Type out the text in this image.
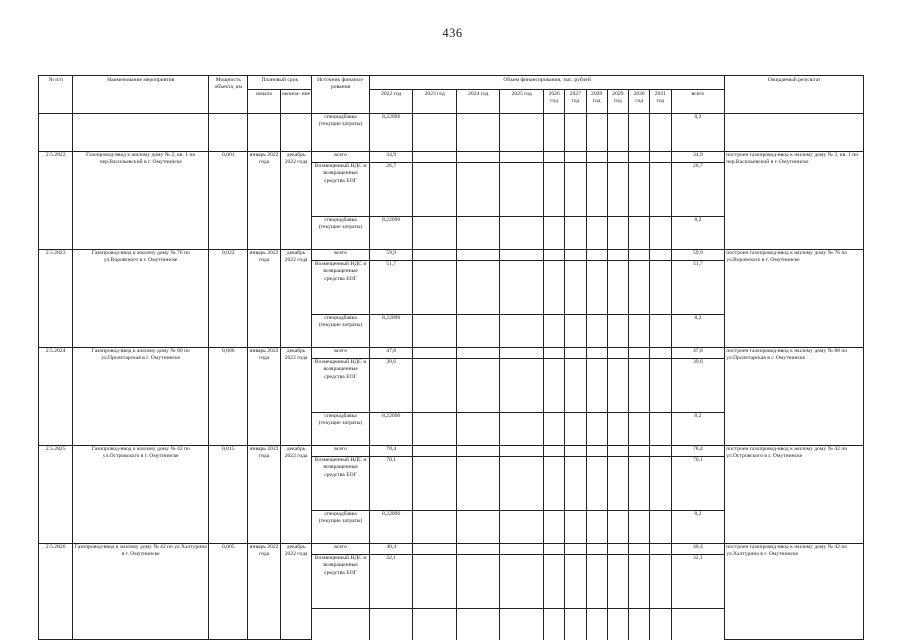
436
№ п/п	Наименование мероприятия	Мощность объекта, км	Плановый срок		Источник финанси- рования	Объем финансирования, тыс. рублей											Ожидаемый результат
			начало	оконча- ние		2022 год	2023 год	2024 год	2025 год	2026 год	2027 год	2028 год	2029 год	2030 год	2031 год	всего	
					спецнадбавка (текущие затраты)	8,22096										8,2	
2.5.2822	Газопровод-ввод к жилому дому № 2, кв. 1 по пер.Васильевский в г. Омутнинске	0,001	январь 2022 года	декабрь 2022 года	всего	34,9										34,9	построен газопровод-ввод к жилому дому № 2, кв. 1 по пер.Васильевский в г. Омутнинске
					Возмещенный НДС и возвращенные средства ЕОГ	26,7										26,7	
					спецнадбавка (текущие затраты)	8,22096										8,2	
2.5.2823	Газопровод-ввод к жилому дому № 76 по ул.Воровского в г. Омутнинске	0,022	январь 2022 года	декабрь 2022 года	всего	59,9										59,9	построен газопровод-ввод к жилому дому № 76 по ул.Воровского в г. Омутнинске
					Возмещенный НДС и возвращенные средства ЕОГ	51,7										51,7	
					спецнадбавка (текущие затраты)	8,22096										8,2	
2.5.2824	Газопровод-ввод к жилому дому № 80 по ул.Пролетарская в г. Омутнинске	0,006	январь 2022 года	декабрь 2022 года	всего	47,8										47,8	построен газопровод-ввод к жилому дому № 80 по ул.Пролетарская в г. Омутнинске
					Возмещенный НДС и возвращенные средства ЕОГ	39,6										39,6	
					спецнадбавка (текущие затраты)	8,22096										8,2	
2.5.2825	Газопровод-ввод к жилому дому № 42 по ул.Островского в г. Омутнинске	0,015	январь 2022 года	декабрь 2022 года	всего	78,4										78,4	построен газопровод-ввод к жилому дому № 42 по ул.Островского в г. Омутнинске
					Возмещенный НДС и возвращенные средства ЕОГ	70,1										70,1	
					спецнадбавка (текущие затраты)	8,22096										8,2	
2.5.2826	Газопровод-ввод к жилому дому № 42 по ул.Халтурина в г. Омутнинске	0,005	январь 2022 года	декабрь 2022 года	всего	40,4										40,4	построен газопровод-ввод к жилому дому № 42 по ул.Халтурина в г. Омутнинске
					Возмещенный НДС и возвращенные средства ЕОГ	32,1										32,1	
